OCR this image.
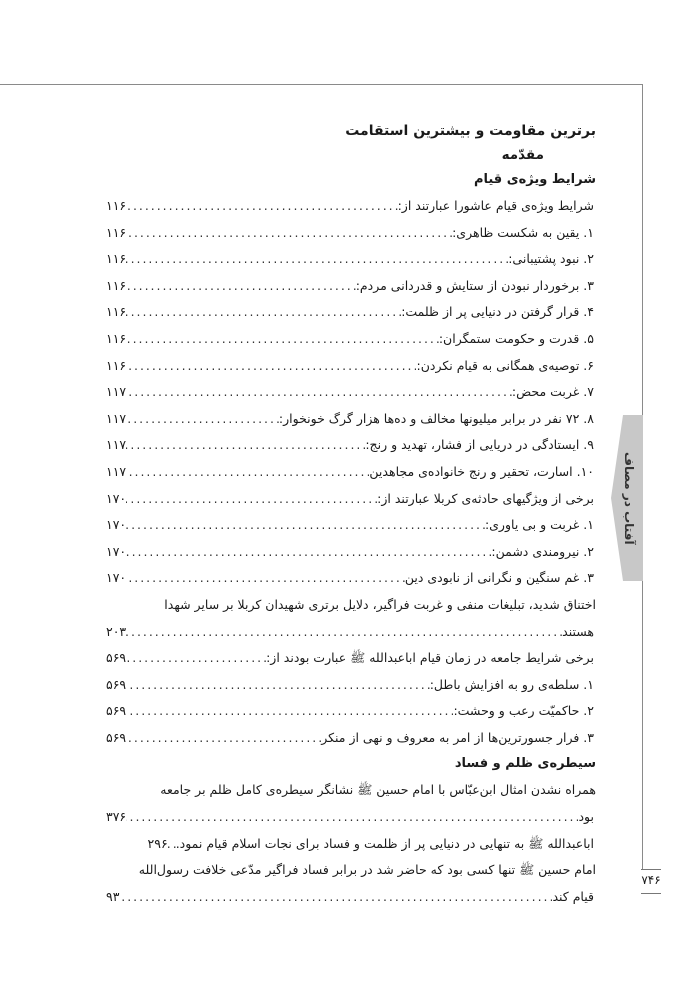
آفتاب در مصاف
۷۴۶
برترین مقاومت و بیشترین استقامت
مقدّمه
شرایط ویژه‌ی قیام
شرایط ویژه‌ی قیام عاشورا عبارتند از:
. . .
۱۱۶
۱. یقین به شکست ظاهری:
. . .
۱۱۶
۲. نبود پشتیبانی:
. . .
۱۱۶
۳. برخوردار نبودن از ستایش و قدردانی مردم:
. . .
۱۱۶
۴. قرار گرفتن در دنیایی پر از ظلمت:
. . .
۱۱۶
۵. قدرت و حکومت ستمگران:
. . .
۱۱۶
۶. توصیه‌ی همگانی به قیام نکردن:
. . .
۱۱۶
۷. غربت محض:
. . .
۱۱۷
۸. ۷۲ نفر در برابر میلیونها مخالف و ده‌ها هزار گرگ خونخوار:
. . .
۱۱۷
۹. ایستادگی در دریایی از فشار، تهدید و رنج:
. . .
۱۱۷
۱۰. اسارت، تحقیر و رنج خانواده‌ی مجاهدین
. . .
۱۱۷
برخی از ویژگیهای حادثه‌ی کربلا عبارتند از:
. . .
۱۷۰
۱. غربت و بی یاوری:
. . .
۱۷۰
۲. نیرومندی دشمن:
. . .
۱۷۰
۳. غم سنگین و نگرانی از نابودی دین
. . .
۱۷۰
اختناق شدید، تبلیغات منفی و غربت فراگیر، دلایل برتری شهیدان کربلا بر سایر شهدا
هستند
. . .
۲۰۳
برخی شرایط جامعه در زمان قیام اباعبدالله ﷺ عبارت بودند از:
. . .
۵۶۹
۱. سلطه‌ی رو به افزایش باطل:
. . .
۵۶۹
۲. حاکمیّت رعب و وحشت:
. . .
۵۶۹
۳. فرار جسورترین‌ها از امر به معروف و نهی از منکر
. . .
۵۶۹
سیطره‌ی ظلم و فساد
همراه نشدن امثال ابن‌عبّاس با امام حسین ﷺ نشانگر سیطره‌ی کامل ظلم بر جامعه
بود
. . .
۳۷۶
اباعبدالله ﷺ به تنهایی در دنیایی پر از ظلمت و فساد برای نجات اسلام قیام نمود.
. . .
۲۹۶
امام حسین ﷺ تنها کسی بود که حاضر شد در برابر فساد فراگیر مدّعی خلافت رسول‌الله
قیام کند
. . .
۹۳
